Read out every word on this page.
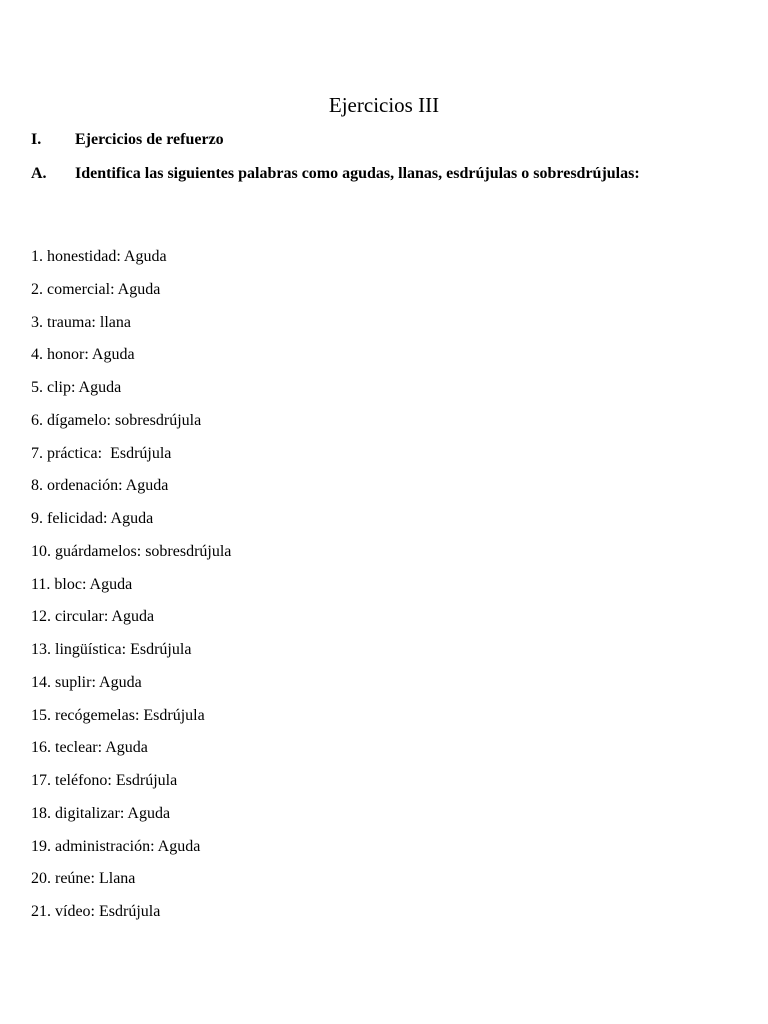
Ejercicios III
I.	Ejercicios de refuerzo

A. Identifica las siguientes palabras como agudas, llanas, esdrújulas o sobresdrújulas:

1. honestidad: Aguda
2. comercial: Aguda
3. trauma: llana
4. honor: Aguda
5. clip: Aguda
6. dígamelo: sobresdrújula
7. práctica:  Esdrújula
8. ordenación: Aguda
9. felicidad: Aguda
10. guárdamelos: sobresdrújula
11. bloc: Aguda
12. circular: Aguda
13. lingüística: Esdrújula
14. suplir: Aguda
15. recógemelas: Esdrújula
16. teclear: Aguda
17. teléfono: Esdrújula
18. digitalizar: Aguda
19. administración: Aguda
20. reúne: Llana
21. vídeo: Esdrújula
